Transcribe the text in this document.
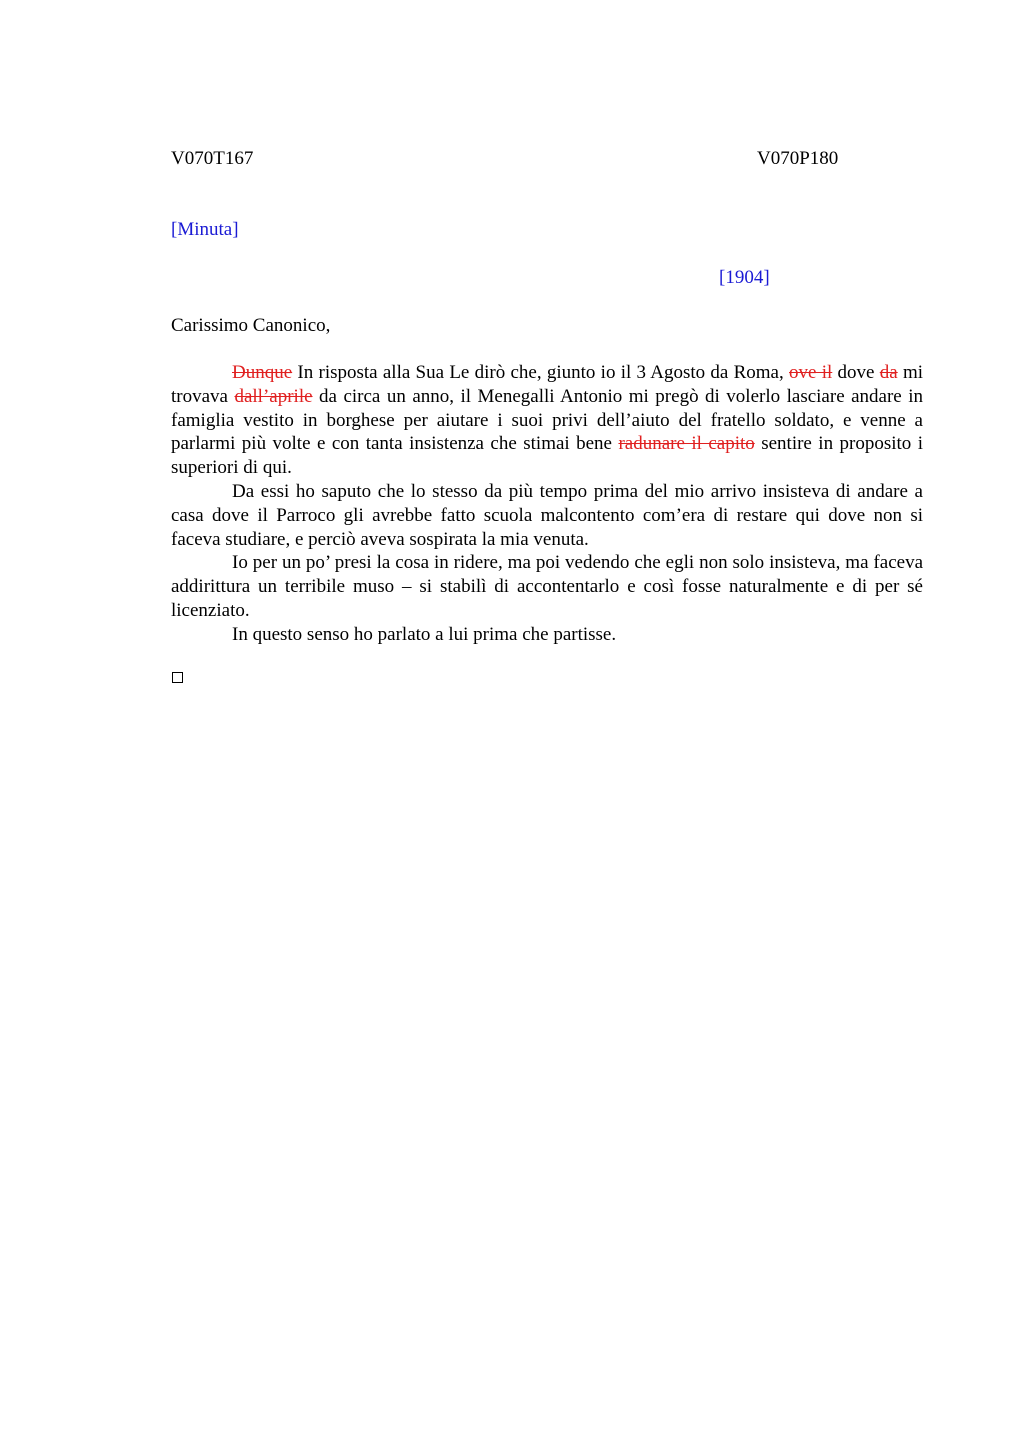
V070T167	V070P180
[Minuta]
[1904]
Carissimo Canonico,

Dunque In risposta alla Sua Le dirò che, giunto io il 3 Agosto da Roma, ove il dove da mi trovava dall’aprile da circa un anno, il Menegalli Antonio mi pregò di volerlo lasciare andare in famiglia vestito in borghese per aiutare i suoi privi dell’aiuto del fratello soldato, e venne a parlarmi più volte e con tanta insistenza che stimai bene radunare il capito sentire in proposito i superiori di qui.

Da essi ho saputo che lo stesso da più tempo prima del mio arrivo insisteva di andare a casa dove il Parroco gli avrebbe fatto scuola malcontento com’era di restare qui dove non si faceva studiare, e perciò aveva sospirata la mia venuta.

Io per un po’ presi la cosa in ridere, ma poi vedendo che egli non solo insisteva, ma faceva addirittura un terribile muso – si stabilì di accontentarlo e così fosse naturalmente e di per sé licenziato.

In questo senso ho parlato a lui prima che partisse.
